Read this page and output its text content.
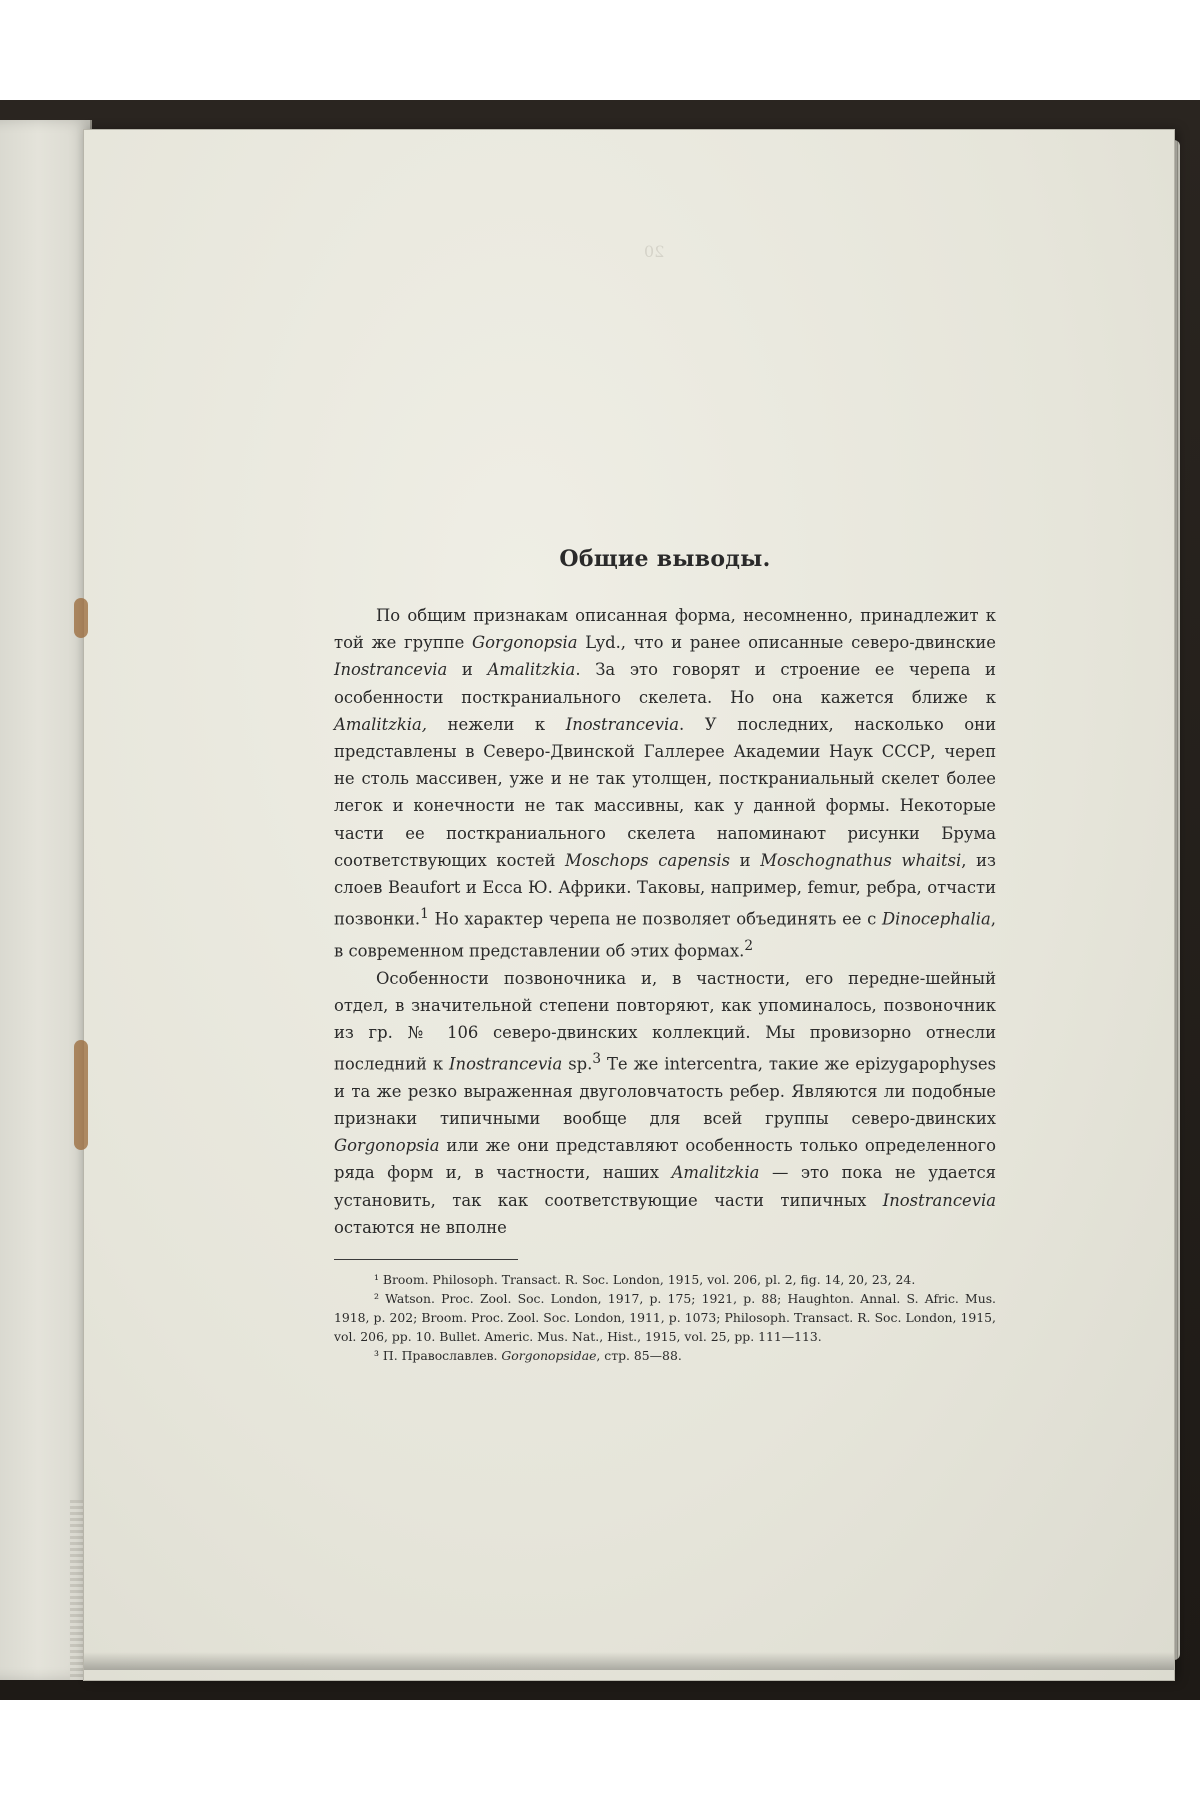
20
Общие выводы.

По общим признакам описанная форма, несомненно, принадлежит к той же группе Gorgonopsia Lyd., что и ранее описанные северо-двинские Inostrancevia и Amalitzkia. За это говорят и строение ее черепа и особенности посткраниального скелета. Но она кажется ближе к Amalitzkia, нежели к Inostrancevia. У последних, насколько они представлены в Северо-Двинской Галлерее Академии Наук СССР, череп не столь массивен, уже и не так утолщен, посткраниальный скелет более легок и конечности не так массивны, как у данной формы. Некоторые части ее посткраниального скелета напоминают рисунки Брума соответствующих костей Moschops capensis и Moschognathus whaitsi, из слоев Beaufort и Есса Ю. Африки. Таковы, например, femur, ребра, отчасти позвонки.$^1$ Но характер черепа не позволяет объединять ее с Dinocephalia, в современном представлении об этих формах.$^2$

Особенности позвоночника и, в частности, его передне-шейный отдел, в значительной степени повторяют, как упоминалось, позвоночник из гр. № 106 северо-двинских коллекций. Мы провизорно отнесли последний к Inostrancevia sp.$^3$ Те же intercentra, такие же epizygapophyses и та же резко выраженная двуголовчатость ребер. Являются ли подобные признаки типичными вообще для всей группы северо-двинских Gorgonopsia или же они представляют особенность только определенного ряда форм и, в частности, наших Amalitzkia — это пока не удается установить, так как соответствующие части типичных Inostrancevia остаются не вполне

¹ Broom. Philosoph. Transact. R. Soc. London, 1915, vol. 206, pl. 2, fig. 14, 20, 23, 24.

² Watson. Proc. Zool. Soc. London, 1917, p. 175; 1921, p. 88; Haughton. Annal. S. Afric. Mus. 1918, p. 202; Broom. Proc. Zool. Soc. London, 1911, p. 1073; Philosoph. Transact. R. Soc. London, 1915, vol. 206, pp. 10. Bullet. Americ. Mus. Nat., Hist., 1915, vol. 25, pp. 111—113.

³ П. Православлев. Gorgonopsidae, стр. 85—88.
